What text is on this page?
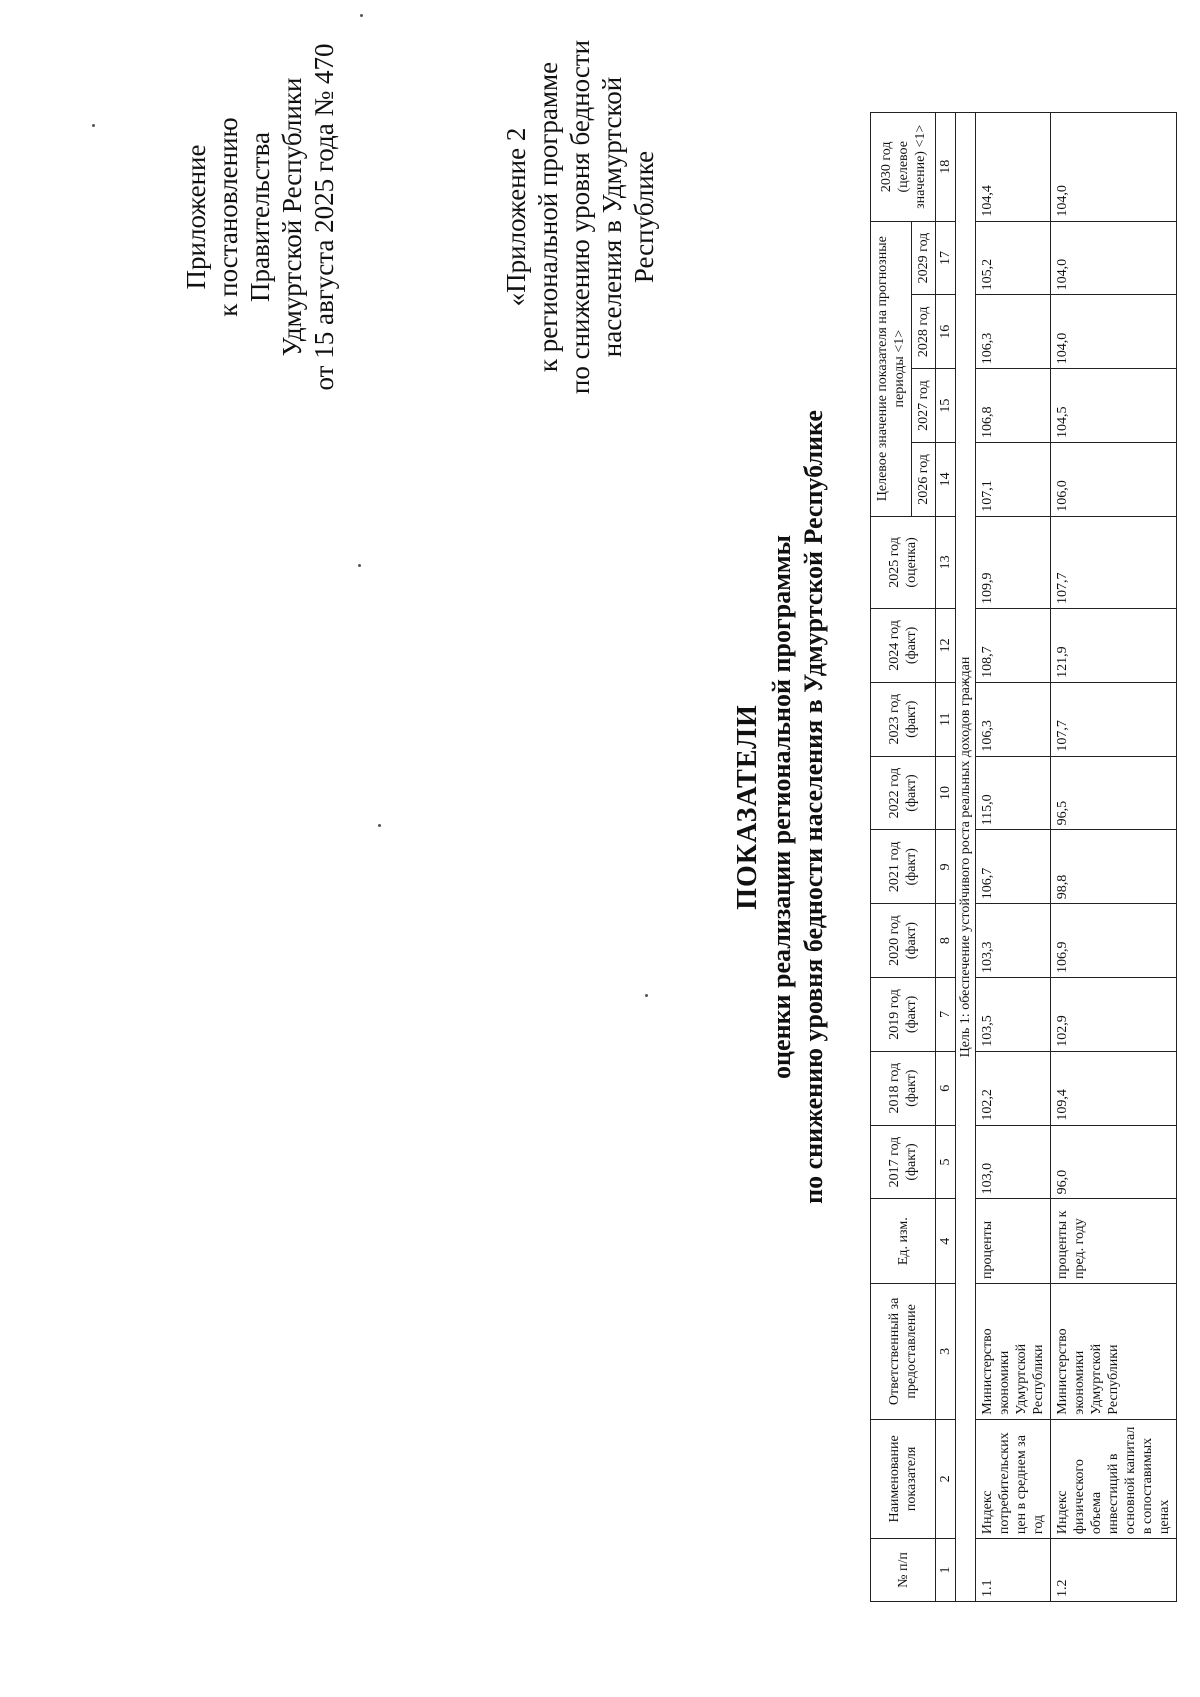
Приложение к постановлению Правительства Удмуртской Республики от 15 августа 2025 года № 470	«Приложение 2 к региональной программе по снижению уровня бедности населения в Удмуртской Республике
ПОКАЗАТЕЛИ оценки реализации региональной программы по снижению уровня бедности населения в Удмуртской Республике
№ п/п	Наименование показателя	Ответственный за предоставление	Ед. изм.	2017 год (факт)	2018 год (факт)	2019 год (факт)	2020 год (факт)	2021 год (факт)	2022 год (факт)	2023 год (факт)	2024 год (факт)	2025 год (оценка)	Целевое значение показателя на прогнозные периоды <1>				2030 год (целевое значение) <1>
													2026 год	2027 год	2028 год	2029 год	
1	2	3	4	5	6	7	8	9	10	11	12	13	14	15	16	17	18
Цель 1: обеспечение устойчивого роста реальных доходов граждан																	
1.1	Индекс потребительских цен в среднем за год	Министерство экономики Удмуртской Республики	проценты	103,0	102,2	103,5	103,3	106,7	115,0	106,3	108,7	109,9	107,1	106,8	106,3	105,2	104,4
1.2	Индекс физического объема инвестиций в основной капитал в сопоставимых ценах	Министерство экономики Удмуртской Республики	проценты к пред. году	96,0	109,4	102,9	106,9	98,8	96,5	107,7	121,9	107,7	106,0	104,5	104,0	104,0	104,0
